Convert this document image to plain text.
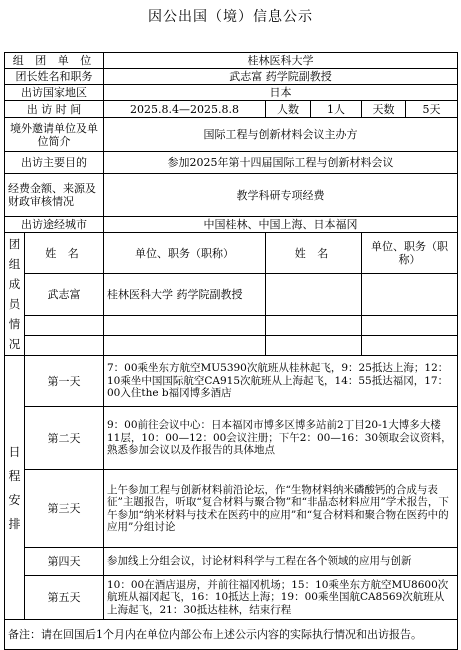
因公出国（境）信息公示
组 团 单 位		桂林医科大学				
团长姓名和职务		武志富 药学院副教授				
出访国家地区		日本				
出 访 时 间		2025.8.4—2025.8.8	人数	1人	天数	5天
境外邀请单位及单位简介		国际工程与创新材料会议主办方				
出访主要目的		参加2025年第十四届国际工程与创新材料会议				
经费金额、来源及财政审核情况		教学科研专项经费				
出访途经城市		中国桂林、中国上海、日本福冈				
团组成员情况	姓 名	单位、职务（职称）	姓 名		单位、职务（职称）	
	武志富	桂林医科大学 药学院副教授				

日程安排	第一天	7：00乘坐东方航空MU5390次航班从桂林起飞，9：25抵达上海；12：10乘坐中国国际航空CA915次航班从上海起飞，14：55抵达福冈，17：00入住the b福冈博多酒店				
	第二天	9：00前往会议中心：日本福冈市博多区博多站前2丁目20-1大博多大楼11层，10：00—12：00会议注册；下午2：00—16：30领取会议资料，熟悉参加会议以及作报告的具体地点				
	第三天	上午参加工程与创新材料前沿论坛，作“生物材料纳米磷酸钙的合成与表征”主题报告，听取“复合材料与聚合物”和“非晶态材料应用”学术报告，下午参加“纳米材料与技术在医药中的应用”和“复合材料和聚合物在医药中的应用”分组讨论				
	第四天	参加线上分组会议，讨论材料科学与工程在各个领域的应用与创新				
	第五天	10：00在酒店退房，并前往福冈机场；15：10乘坐东方航空MU8600次航班从福冈起飞，16：10抵达上海；19：00乘坐国航CA8569次航班从上海起飞，21：30抵达桂林，结束行程				
备注：请在回国后1个月内在单位内部公布上述公示内容的实际执行情况和出访报告。						
